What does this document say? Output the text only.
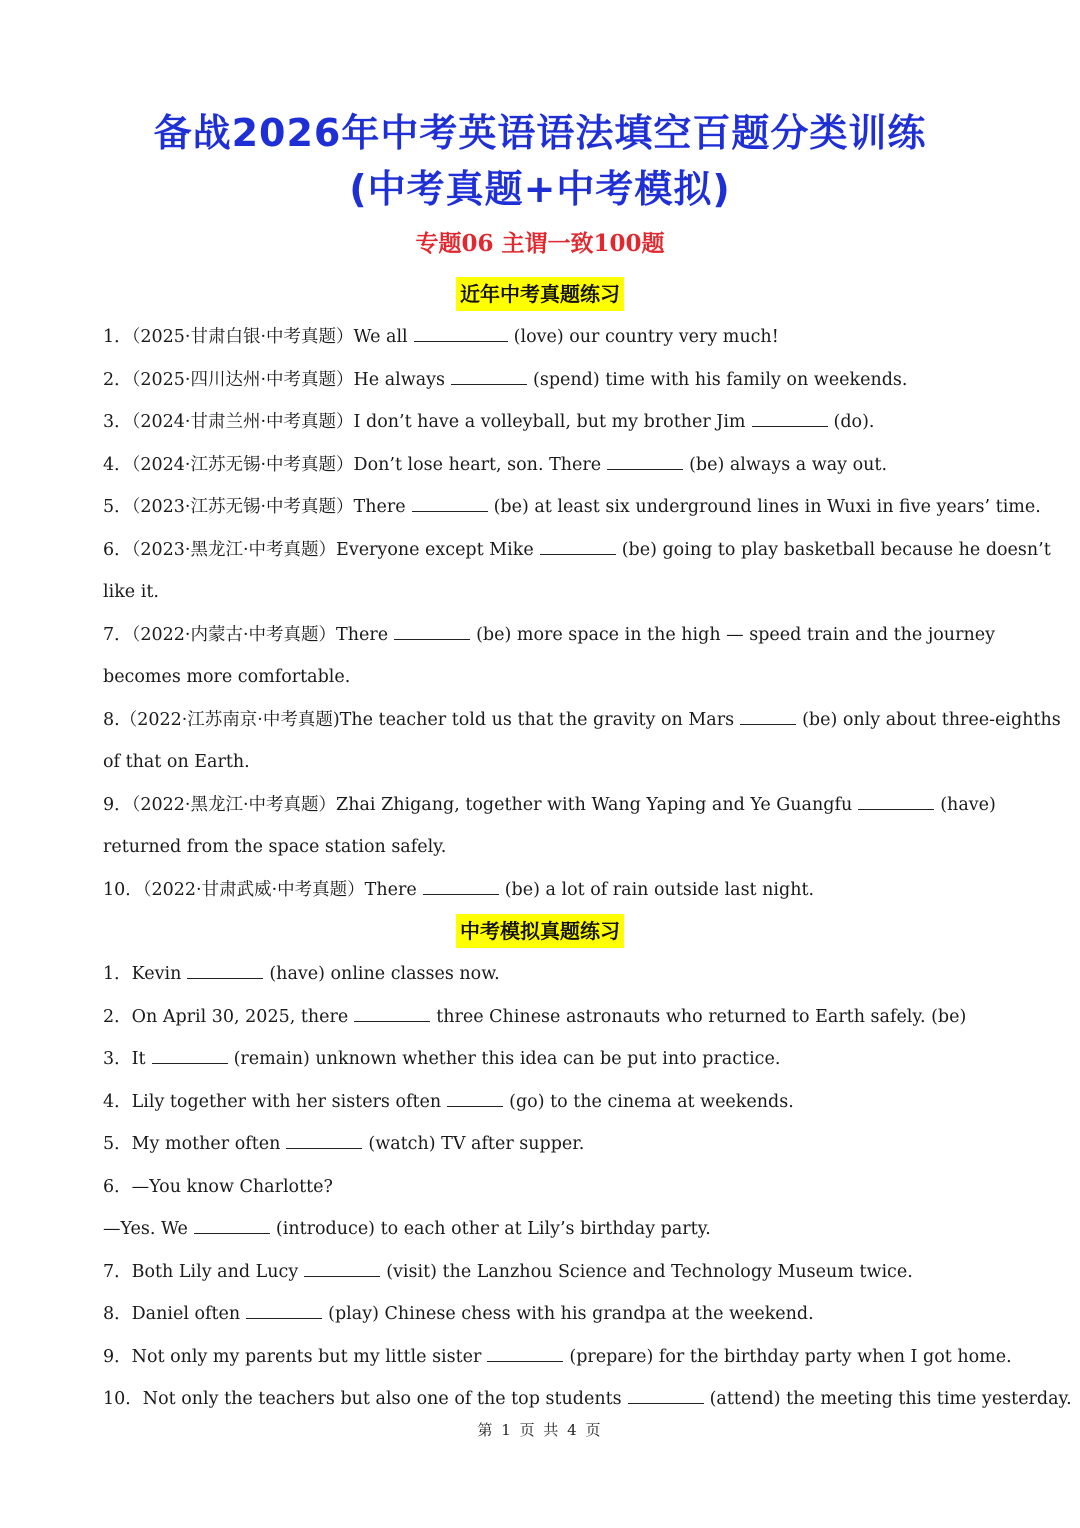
备战2026年中考英语语法填空百题分类训练
(中考真题+中考模拟)
专题06 主谓一致100题
近年中考真题练习
1．（2025·甘肃白银·中考真题）We all	(love) our country very much!
2．（2025·四川达州·中考真题）He always	(spend) time with his family on weekends.
3．（2024·甘肃兰州·中考真题）I don’t have a volleyball, but my brother Jim	(do).
4．（2024·江苏无锡·中考真题）Don’t lose heart, son. There	(be) always a way out.
5．（2023·江苏无锡·中考真题）There	(be) at least six underground lines in Wuxi in five years’ time.
6．（2023·黑龙江·中考真题）Everyone except Mike	(be) going to play basketball because he doesn’t
like it.
7．（2022·内蒙古·中考真题）There	(be) more space in the high — speed train and the journey
becomes more comfortable.
8.（2022·江苏南京·中考真题)The teacher told us that the gravity on Mars	(be) only about three-eighths
of that on Earth.
9．（2022·黑龙江·中考真题）Zhai Zhigang, together with Wang Yaping and Ye Guangfu	(have)
returned from the space station safely.
10．（2022·甘肃武威·中考真题）There	(be) a lot of rain outside last night.
中考模拟真题练习
1．Kevin	(have) online classes now.
2．On April 30, 2025, there	three Chinese astronauts who returned to Earth safely. (be)
3．It	(remain) unknown whether this idea can be put into practice.
4．Lily together with her sisters often	(go) to the cinema at weekends.
5．My mother often	(watch) TV after supper.
6．—You know Charlotte?
—Yes. We	(introduce) to each other at Lily’s birthday party.
7．Both Lily and Lucy	(visit) the Lanzhou Science and Technology Museum twice.
8．Daniel often	(play) Chinese chess with his grandpa at the weekend.
9．Not only my parents but my little sister	(prepare) for the birthday party when I got home.
10．Not only the teachers but also one of the top students	(attend) the meeting this time yesterday.
第 1 页 共 4 页
